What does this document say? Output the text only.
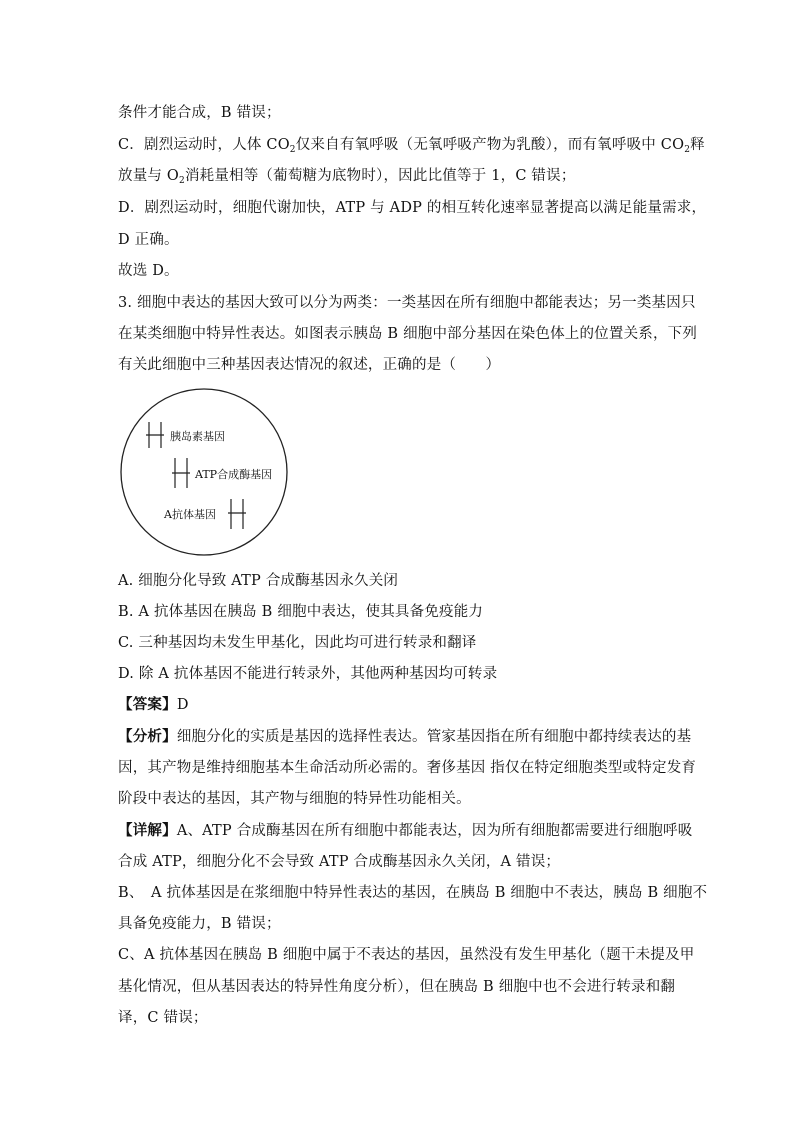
条件才能合成，B 错误；
C．剧烈运动时，人体 $CO_2$仅来自有氧呼吸（无氧呼吸产物为乳酸），而有氧呼吸中 $CO_2$释
放量与 $O_2$消耗量相等（葡萄糖为底物时），因此比值等于 1，C 错误；
D．剧烈运动时，细胞代谢加快，ATP 与 ADP 的相互转化速率显著提高以满足能量需求，
D 正确。
故选 D。
3. 细胞中表达的基因大致可以分为两类：一类基因在所有细胞中都能表达；另一类基因只
在某类细胞中特异性表达。如图表示胰岛 B 细胞中部分基因在染色体上的位置关系，下列
有关此细胞中三种基因表达情况的叙述，正确的是（　　）
胰岛素基因
ATP合成酶基因
A抗体基因
A. 细胞分化导致 ATP 合成酶基因永久关闭
B. A 抗体基因在胰岛 B 细胞中表达，使其具备免疫能力
C. 三种基因均未发生甲基化，因此均可进行转录和翻译
D. 除 A 抗体基因不能进行转录外，其他两种基因均可转录
【答案】D
【分析】细胞分化的实质是基因的选择性表达。管家基因指在所有细胞中都持续表达的基
因，其产物是维持细胞基本生命活动所必需的。奢侈基因 指仅在特定细胞类型或特定发育
阶段中表达的基因，其产物与细胞的特异性功能相关。
【详解】A、ATP 合成酶基因在所有细胞中都能表达，因为所有细胞都需要进行细胞呼吸
合成 ATP，细胞分化不会导致 ATP 合成酶基因永久关闭，A 错误；
B、　A 抗体基因是在浆细胞中特异性表达的基因，在胰岛 B 细胞中不表达，胰岛 B 细胞不
具备免疫能力，B 错误；
C、A 抗体基因在胰岛 B 细胞中属于不表达的基因，虽然没有发生甲基化（题干未提及甲
基化情况，但从基因表达的特异性角度分析），但在胰岛 B 细胞中也不会进行转录和翻
译，C 错误；
